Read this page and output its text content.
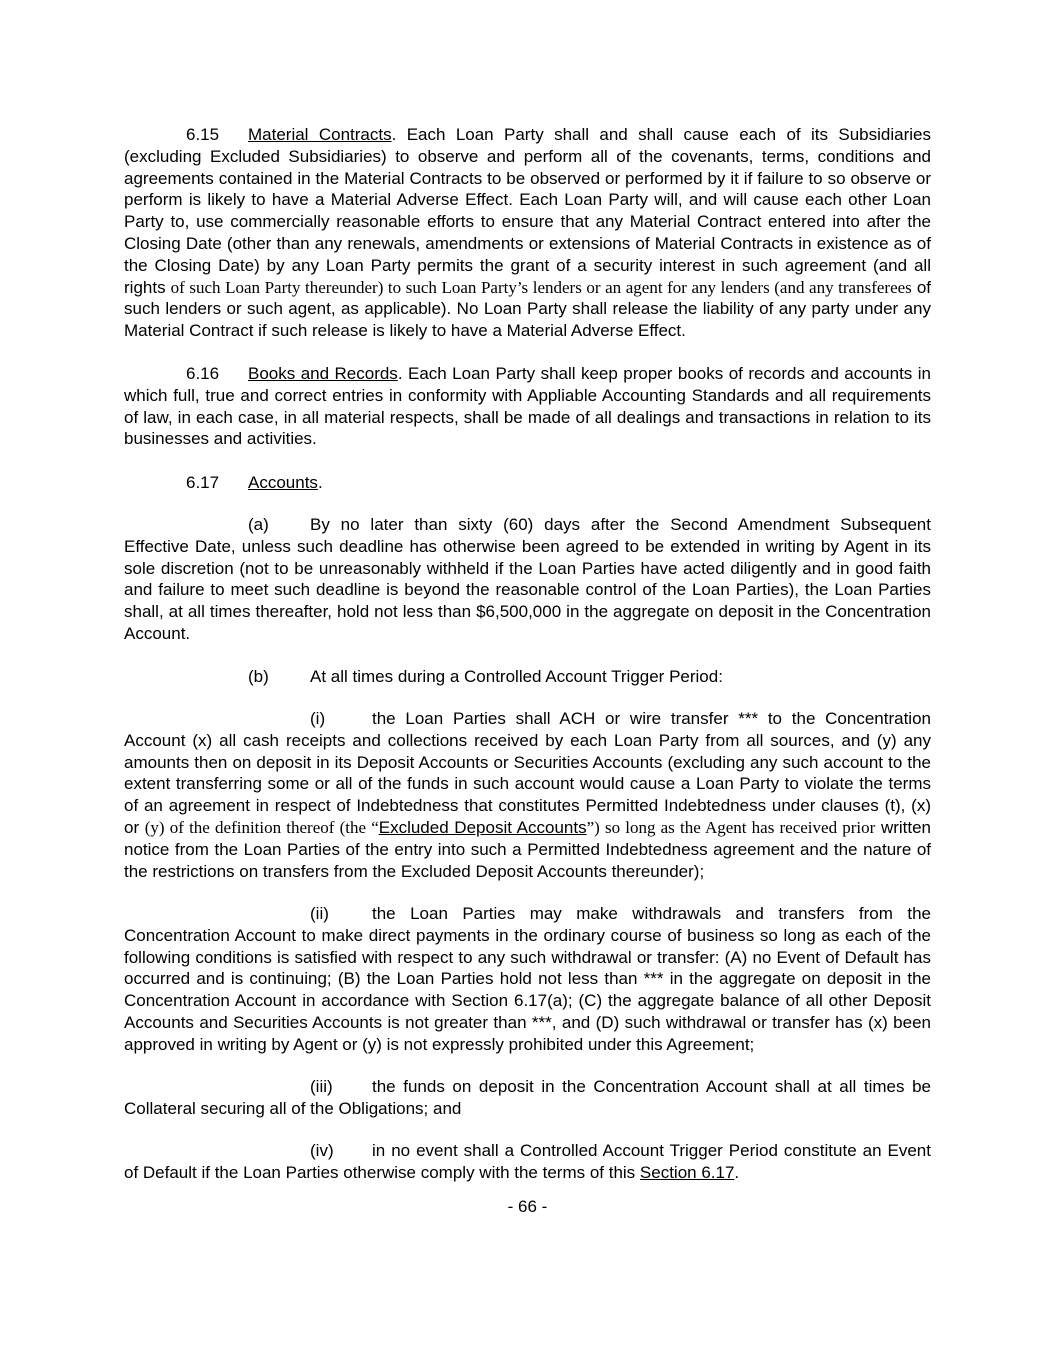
6.15 Material Contracts. Each Loan Party shall and shall cause each of its Subsidiaries (excluding Excluded Subsidiaries) to observe and perform all of the covenants, terms, conditions and agreements contained in the Material Contracts to be observed or performed by it if failure to so observe or perform is likely to have a Material Adverse Effect. Each Loan Party will, and will cause each other Loan Party to, use commercially reasonable efforts to ensure that any Material Contract entered into after the Closing Date (other than any renewals, amendments or extensions of Material Contracts in existence as of the Closing Date) by any Loan Party permits the grant of a security interest in such agreement (and all rights of such Loan Party thereunder) to such Loan Party’s lenders or an agent for any lenders (and any transferees of such lenders or such agent, as applicable). No Loan Party shall release the liability of any party under any Material Contract if such release is likely to have a Material Adverse Effect.

6.16 Books and Records. Each Loan Party shall keep proper books of records and accounts in which full, true and correct entries in conformity with Appliable Accounting Standards and all requirements of law, in each case, in all material respects, shall be made of all dealings and transactions in relation to its businesses and activities.

6.17 Accounts.

(a) By no later than sixty (60) days after the Second Amendment Subsequent Effective Date, unless such deadline has otherwise been agreed to be extended in writing by Agent in its sole discretion (not to be unreasonably withheld if the Loan Parties have acted diligently and in good faith and failure to meet such deadline is beyond the reasonable control of the Loan Parties), the Loan Parties shall, at all times thereafter, hold not less than $6,500,000 in the aggregate on deposit in the Concentration Account.

(b) At all times during a Controlled Account Trigger Period:

(i)	the Loan Parties shall ACH or wire transfer *** to the Concentration Account (x) all cash receipts and collections received by each Loan Party from all sources, and (y) any amounts then on deposit in its Deposit Accounts or Securities Accounts (excluding any such account to the extent transferring some or all of the funds in such account would cause a Loan Party to violate the terms of an agreement in respect of Indebtedness that constitutes Permitted Indebtedness under clauses (t), (x) or (y) of the definition thereof (the “Excluded Deposit Accounts”) so long as the Agent has received prior written notice from the Loan Parties of the entry into such a Permitted Indebtedness agreement and the nature of the restrictions on transfers from the Excluded Deposit Accounts thereunder);

(ii)	the Loan Parties may make withdrawals and transfers from the Concentration Account to make direct payments in the ordinary course of business so long as each of the following conditions is satisfied with respect to any such withdrawal or transfer: (A) no Event of Default has occurred and is continuing; (B) the Loan Parties hold not less than *** in the aggregate on deposit in the Concentration Account in accordance with Section 6.17(a); (C) the aggregate balance of all other Deposit Accounts and Securities Accounts is not greater than ***, and (D) such withdrawal or transfer has (x) been approved in writing by Agent or (y) is not expressly prohibited under this Agreement;

(iii) the funds on deposit in the Concentration Account shall at all times be Collateral securing all of the Obligations; and

(iv) in no event shall a Controlled Account Trigger Period constitute an Event of Default if the Loan Parties otherwise comply with the terms of this Section 6.17.

- 66 -
